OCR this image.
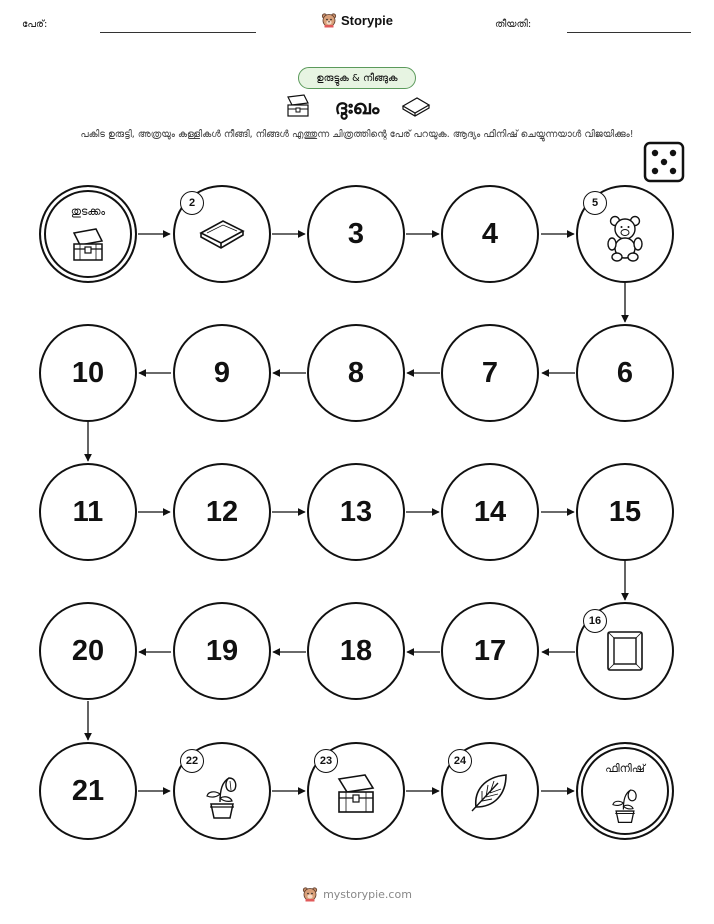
പേര്:	Storypie	തീയതി:
ഉരുട്ടുക & നീങ്ങുക
ദുഃഖം
പകിട ഉരുട്ടി, അത്രയും കള്ളികൾ നീങ്ങി, നിങ്ങൾ എത്തുന്ന ചിത്രത്തിന്റെ പേര് പറയുക. ആദ്യം ഫിനിഷ് ചെയ്യുന്നയാൾ വിജയിക്കും!
തുടക്കം
2
3	4
5
6
7
8
9
10
11	12	13	14	15
16
17
18
19
20
21
22	23	24
ഫിനിഷ്
mystorypie.com
